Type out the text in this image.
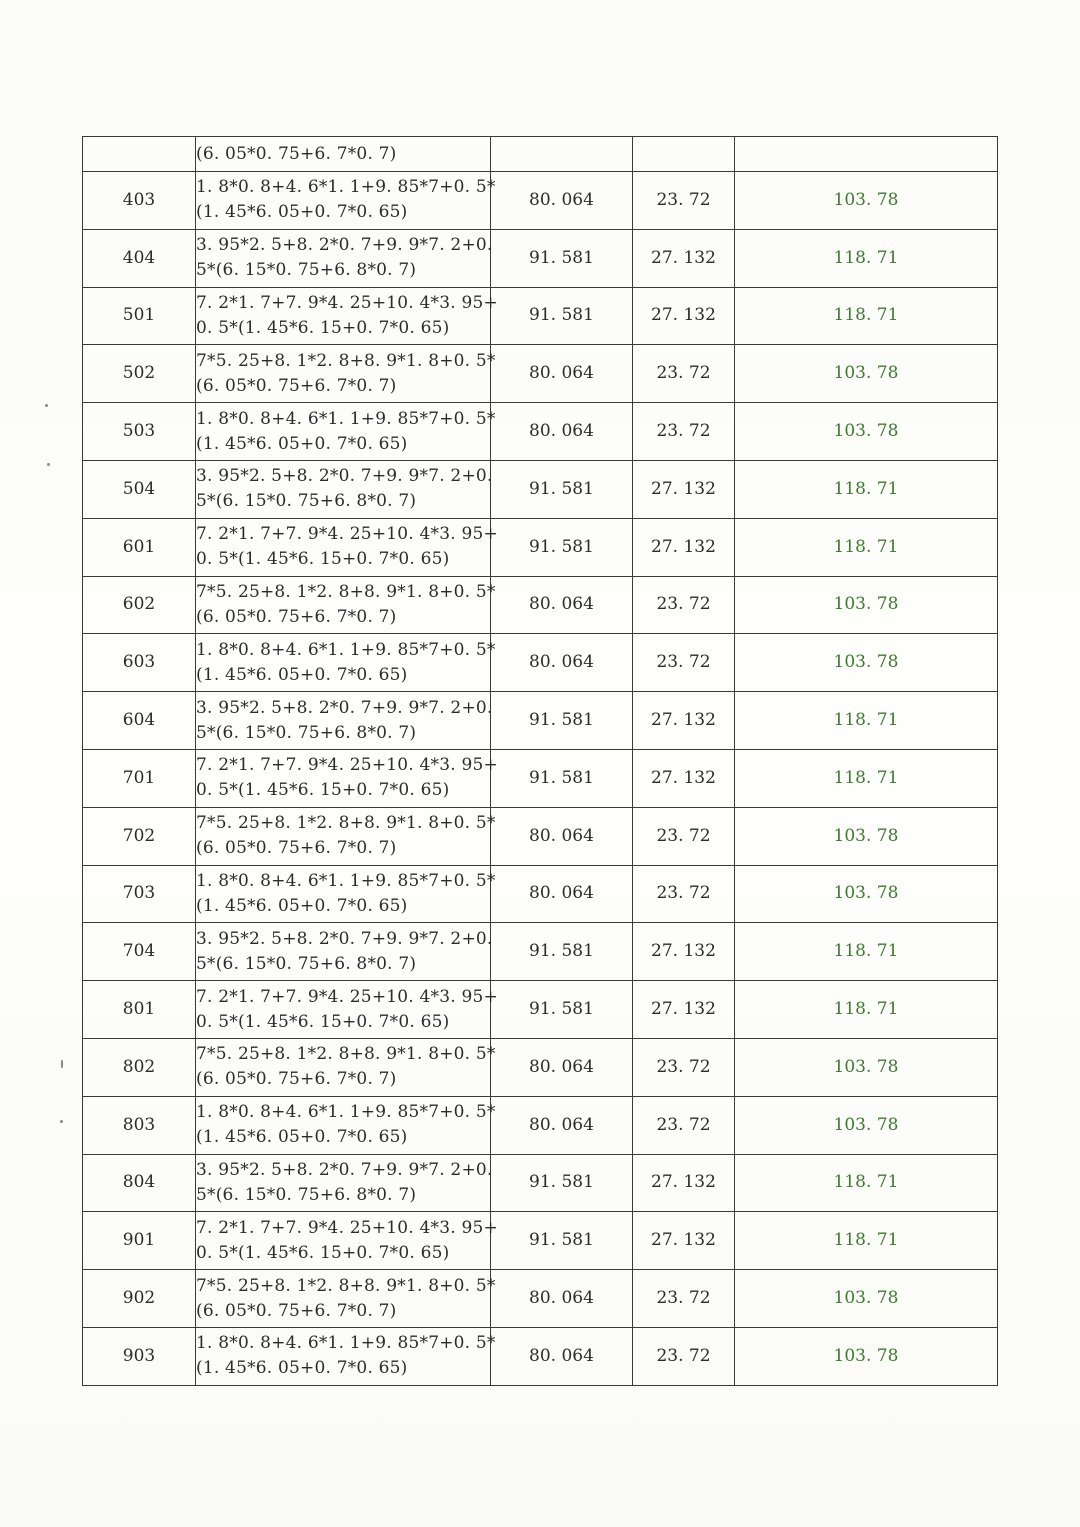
	(6. 05*0. 75+6. 7*0. 7)			

403	1. 8*0. 8+4. 6*1. 1+9. 85*7+0. 5*
(1. 45*6. 05+0. 7*0. 65)	80. 064	23. 72	103. 78
404	3. 95*2. 5+8. 2*0. 7+9. 9*7. 2+0.
5*(6. 15*0. 75+6. 8*0. 7)	91. 581	27. 132	118. 71
501	7. 2*1. 7+7. 9*4. 25+10. 4*3. 95+
0. 5*(1. 45*6. 15+0. 7*0. 65)	91. 581	27. 132	118. 71
502	7*5. 25+8. 1*2. 8+8. 9*1. 8+0. 5*
(6. 05*0. 75+6. 7*0. 7)	80. 064	23. 72	103. 78
503	1. 8*0. 8+4. 6*1. 1+9. 85*7+0. 5*
(1. 45*6. 05+0. 7*0. 65)	80. 064	23. 72	103. 78
504	3. 95*2. 5+8. 2*0. 7+9. 9*7. 2+0.
5*(6. 15*0. 75+6. 8*0. 7)	91. 581	27. 132	118. 71
601	7. 2*1. 7+7. 9*4. 25+10. 4*3. 95+
0. 5*(1. 45*6. 15+0. 7*0. 65)	91. 581	27. 132	118. 71
602	7*5. 25+8. 1*2. 8+8. 9*1. 8+0. 5*
(6. 05*0. 75+6. 7*0. 7)	80. 064	23. 72	103. 78
603	1. 8*0. 8+4. 6*1. 1+9. 85*7+0. 5*
(1. 45*6. 05+0. 7*0. 65)	80. 064	23. 72	103. 78
604	3. 95*2. 5+8. 2*0. 7+9. 9*7. 2+0.
5*(6. 15*0. 75+6. 8*0. 7)	91. 581	27. 132	118. 71
701	7. 2*1. 7+7. 9*4. 25+10. 4*3. 95+
0. 5*(1. 45*6. 15+0. 7*0. 65)	91. 581	27. 132	118. 71
702	7*5. 25+8. 1*2. 8+8. 9*1. 8+0. 5*
(6. 05*0. 75+6. 7*0. 7)	80. 064	23. 72	103. 78
703	1. 8*0. 8+4. 6*1. 1+9. 85*7+0. 5*
(1. 45*6. 05+0. 7*0. 65)	80. 064	23. 72	103. 78
704	3. 95*2. 5+8. 2*0. 7+9. 9*7. 2+0.
5*(6. 15*0. 75+6. 8*0. 7)	91. 581	27. 132	118. 71
801	7. 2*1. 7+7. 9*4. 25+10. 4*3. 95+
0. 5*(1. 45*6. 15+0. 7*0. 65)	91. 581	27. 132	118. 71
802	7*5. 25+8. 1*2. 8+8. 9*1. 8+0. 5*
(6. 05*0. 75+6. 7*0. 7)	80. 064	23. 72	103. 78
803	1. 8*0. 8+4. 6*1. 1+9. 85*7+0. 5*
(1. 45*6. 05+0. 7*0. 65)	80. 064	23. 72	103. 78
804	3. 95*2. 5+8. 2*0. 7+9. 9*7. 2+0.
5*(6. 15*0. 75+6. 8*0. 7)	91. 581	27. 132	118. 71
901	7. 2*1. 7+7. 9*4. 25+10. 4*3. 95+
0. 5*(1. 45*6. 15+0. 7*0. 65)	91. 581	27. 132	118. 71
902	7*5. 25+8. 1*2. 8+8. 9*1. 8+0. 5*
(6. 05*0. 75+6. 7*0. 7)	80. 064	23. 72	103. 78
903	1. 8*0. 8+4. 6*1. 1+9. 85*7+0. 5*
(1. 45*6. 05+0. 7*0. 65)	80. 064	23. 72	103. 78
